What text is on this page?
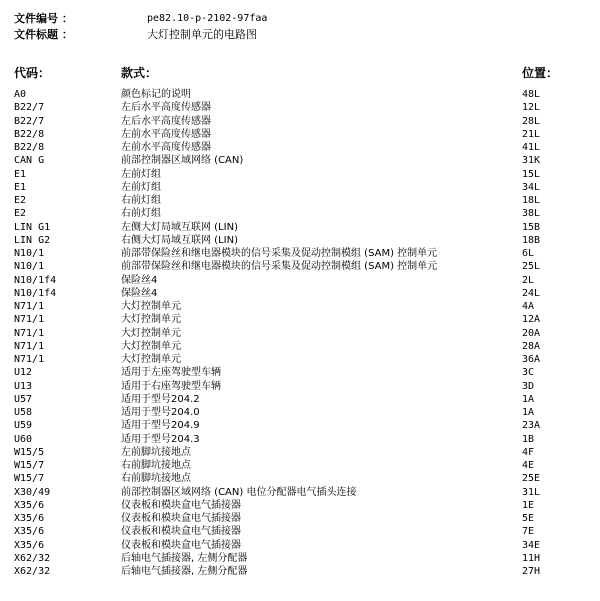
文件编号 ：	pe82.10-p-2102-97faa
文件标题 ：	大灯控制单元的电路图
代码：	款式：	位置：
A0	颜色标记的说明	48L
B22/7	左后水平高度传感器	12L
B22/7	左后水平高度传感器	28L
B22/8	左前水平高度传感器	21L
B22/8	左前水平高度传感器	41L
CAN G	前部控制器区域网络 (CAN)	31K
E1	左前灯组	15L
E1	左前灯组	34L
E2	右前灯组	18L
E2	右前灯组	38L
LIN G1	左侧大灯局域互联网 (LIN)	15B
LIN G2	右侧大灯局域互联网 (LIN)	18B
N10/1	前部带保险丝和继电器模块的信号采集及促动控制模组 (SAM) 控制单元	6L
N10/1	前部带保险丝和继电器模块的信号采集及促动控制模组 (SAM) 控制单元	25L
N10/1f4	保险丝4	2L
N10/1f4	保险丝4	24L
N71/1	大灯控制单元	4A
N71/1	大灯控制单元	12A
N71/1	大灯控制单元	20A
N71/1	大灯控制单元	28A
N71/1	大灯控制单元	36A
U12	适用于左座驾驶型车辆	3C
U13	适用于右座驾驶型车辆	3D
U57	适用于型号204.2	1A
U58	适用于型号204.0	1A
U59	适用于型号204.9	23A
U60	适用于型号204.3	1B
W15/5	左前脚坑接地点	4F
W15/7	右前脚坑接地点	4E
W15/7	右前脚坑接地点	25E
X30/49	前部控制器区域网络 (CAN) 电位分配器电气插头连接	31L
X35/6	仪表板和模块盒电气插接器	1E
X35/6	仪表板和模块盒电气插接器	5E
X35/6	仪表板和模块盒电气插接器	7E
X35/6	仪表板和模块盒电气插接器	34E
X62/32	后轴电气插接器, 左侧分配器	11H
X62/32	后轴电气插接器, 左侧分配器	27H
